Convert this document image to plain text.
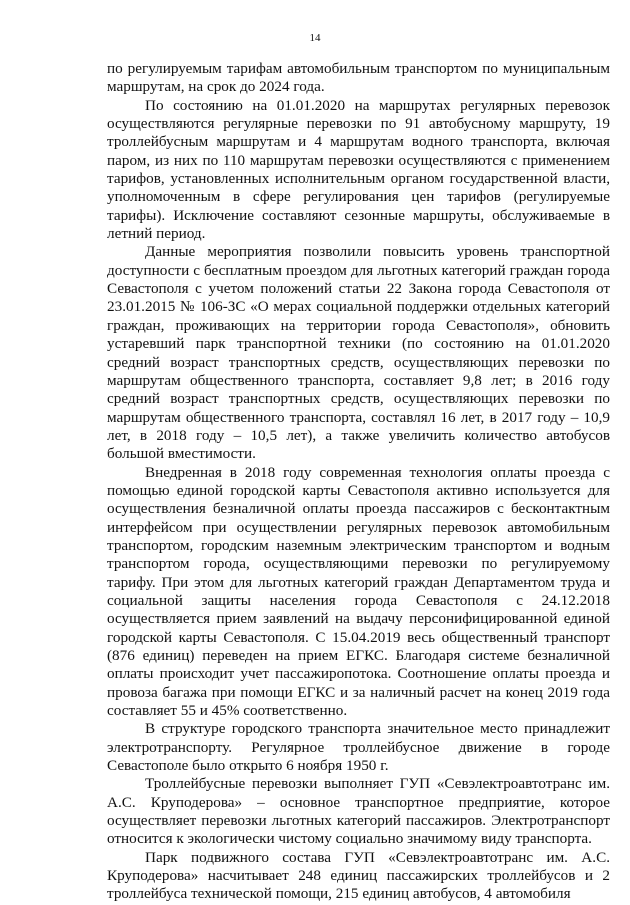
14

по регулируемым тарифам автомобильным транспортом по муниципальным маршрутам, на срок до 2024 года.

По состоянию на 01.01.2020 на маршрутах регулярных перевозок осуществляются регулярные перевозки по 91 автобусному маршруту, 19 троллейбусным маршрутам и 4 маршрутам водного транспорта, включая паром, из них по 110 маршрутам перевозки осуществляются с применением тарифов, установленных исполнительным органом государственной власти, уполномоченным в сфере регулирования цен тарифов (регулируемые тарифы). Исключение составляют сезонные маршруты, обслуживаемые в летний период.

Данные мероприятия позволили повысить уровень транспортной доступности с бесплатным проездом для льготных категорий граждан города Севастополя с учетом положений статьи 22 Закона города Севастополя от 23.01.2015 № 106-ЗС «О мерах социальной поддержки отдельных категорий граждан, проживающих на территории города Севастополя», обновить устаревший парк транспортной техники (по состоянию на 01.01.2020 средний возраст транспортных средств, осуществляющих перевозки по маршрутам общественного транспорта, составляет 9,8 лет; в 2016 году средний возраст транспортных средств, осуществляющих перевозки по маршрутам общественного транспорта, составлял 16 лет, в 2017 году – 10,9 лет, в 2018 году – 10,5 лет), а также увеличить количество автобусов большой вместимости.

Внедренная в 2018 году современная технология оплаты проезда с помощью единой городской карты Севастополя активно используется для осуществления безналичной оплаты проезда пассажиров с бесконтактным интерфейсом при осуществлении регулярных перевозок автомобильным транспортом, городским наземным электрическим транспортом и водным транспортом города, осуществляющими перевозки по регулируемому тарифу. При этом для льготных категорий граждан Департаментом труда и социальной защиты населения города Севастополя с 24.12.2018 осуществляется прием заявлений на выдачу персонифицированной единой городской карты Севастополя. С 15.04.2019 весь общественный транспорт (876 единиц) переведен на прием ЕГКС. Благодаря системе безналичной оплаты происходит учет пассажиропотока. Соотношение оплаты проезда и провоза багажа при помощи ЕГКС и за наличный расчет на конец 2019 года составляет 55 и 45% соответственно.

В структуре городского транспорта значительное место принадлежит электротранспорту. Регулярное троллейбусное движение в городе Севастополе было открыто 6 ноября 1950 г.

Троллейбусные перевозки выполняет ГУП «Севэлектроавтотранс им. А.С. Круподерова» – основное транспортное предприятие, которое осуществляет перевозки льготных категорий пассажиров. Электротранспорт относится к экологически чистому социально значимому виду транспорта.

Парк подвижного состава ГУП «Севэлектроавтотранс им. А.С. Круподерова» насчитывает 248 единиц пассажирских троллейбусов и 2 троллейбуса технической помощи, 215 единиц автобусов, 4 автомобиля
